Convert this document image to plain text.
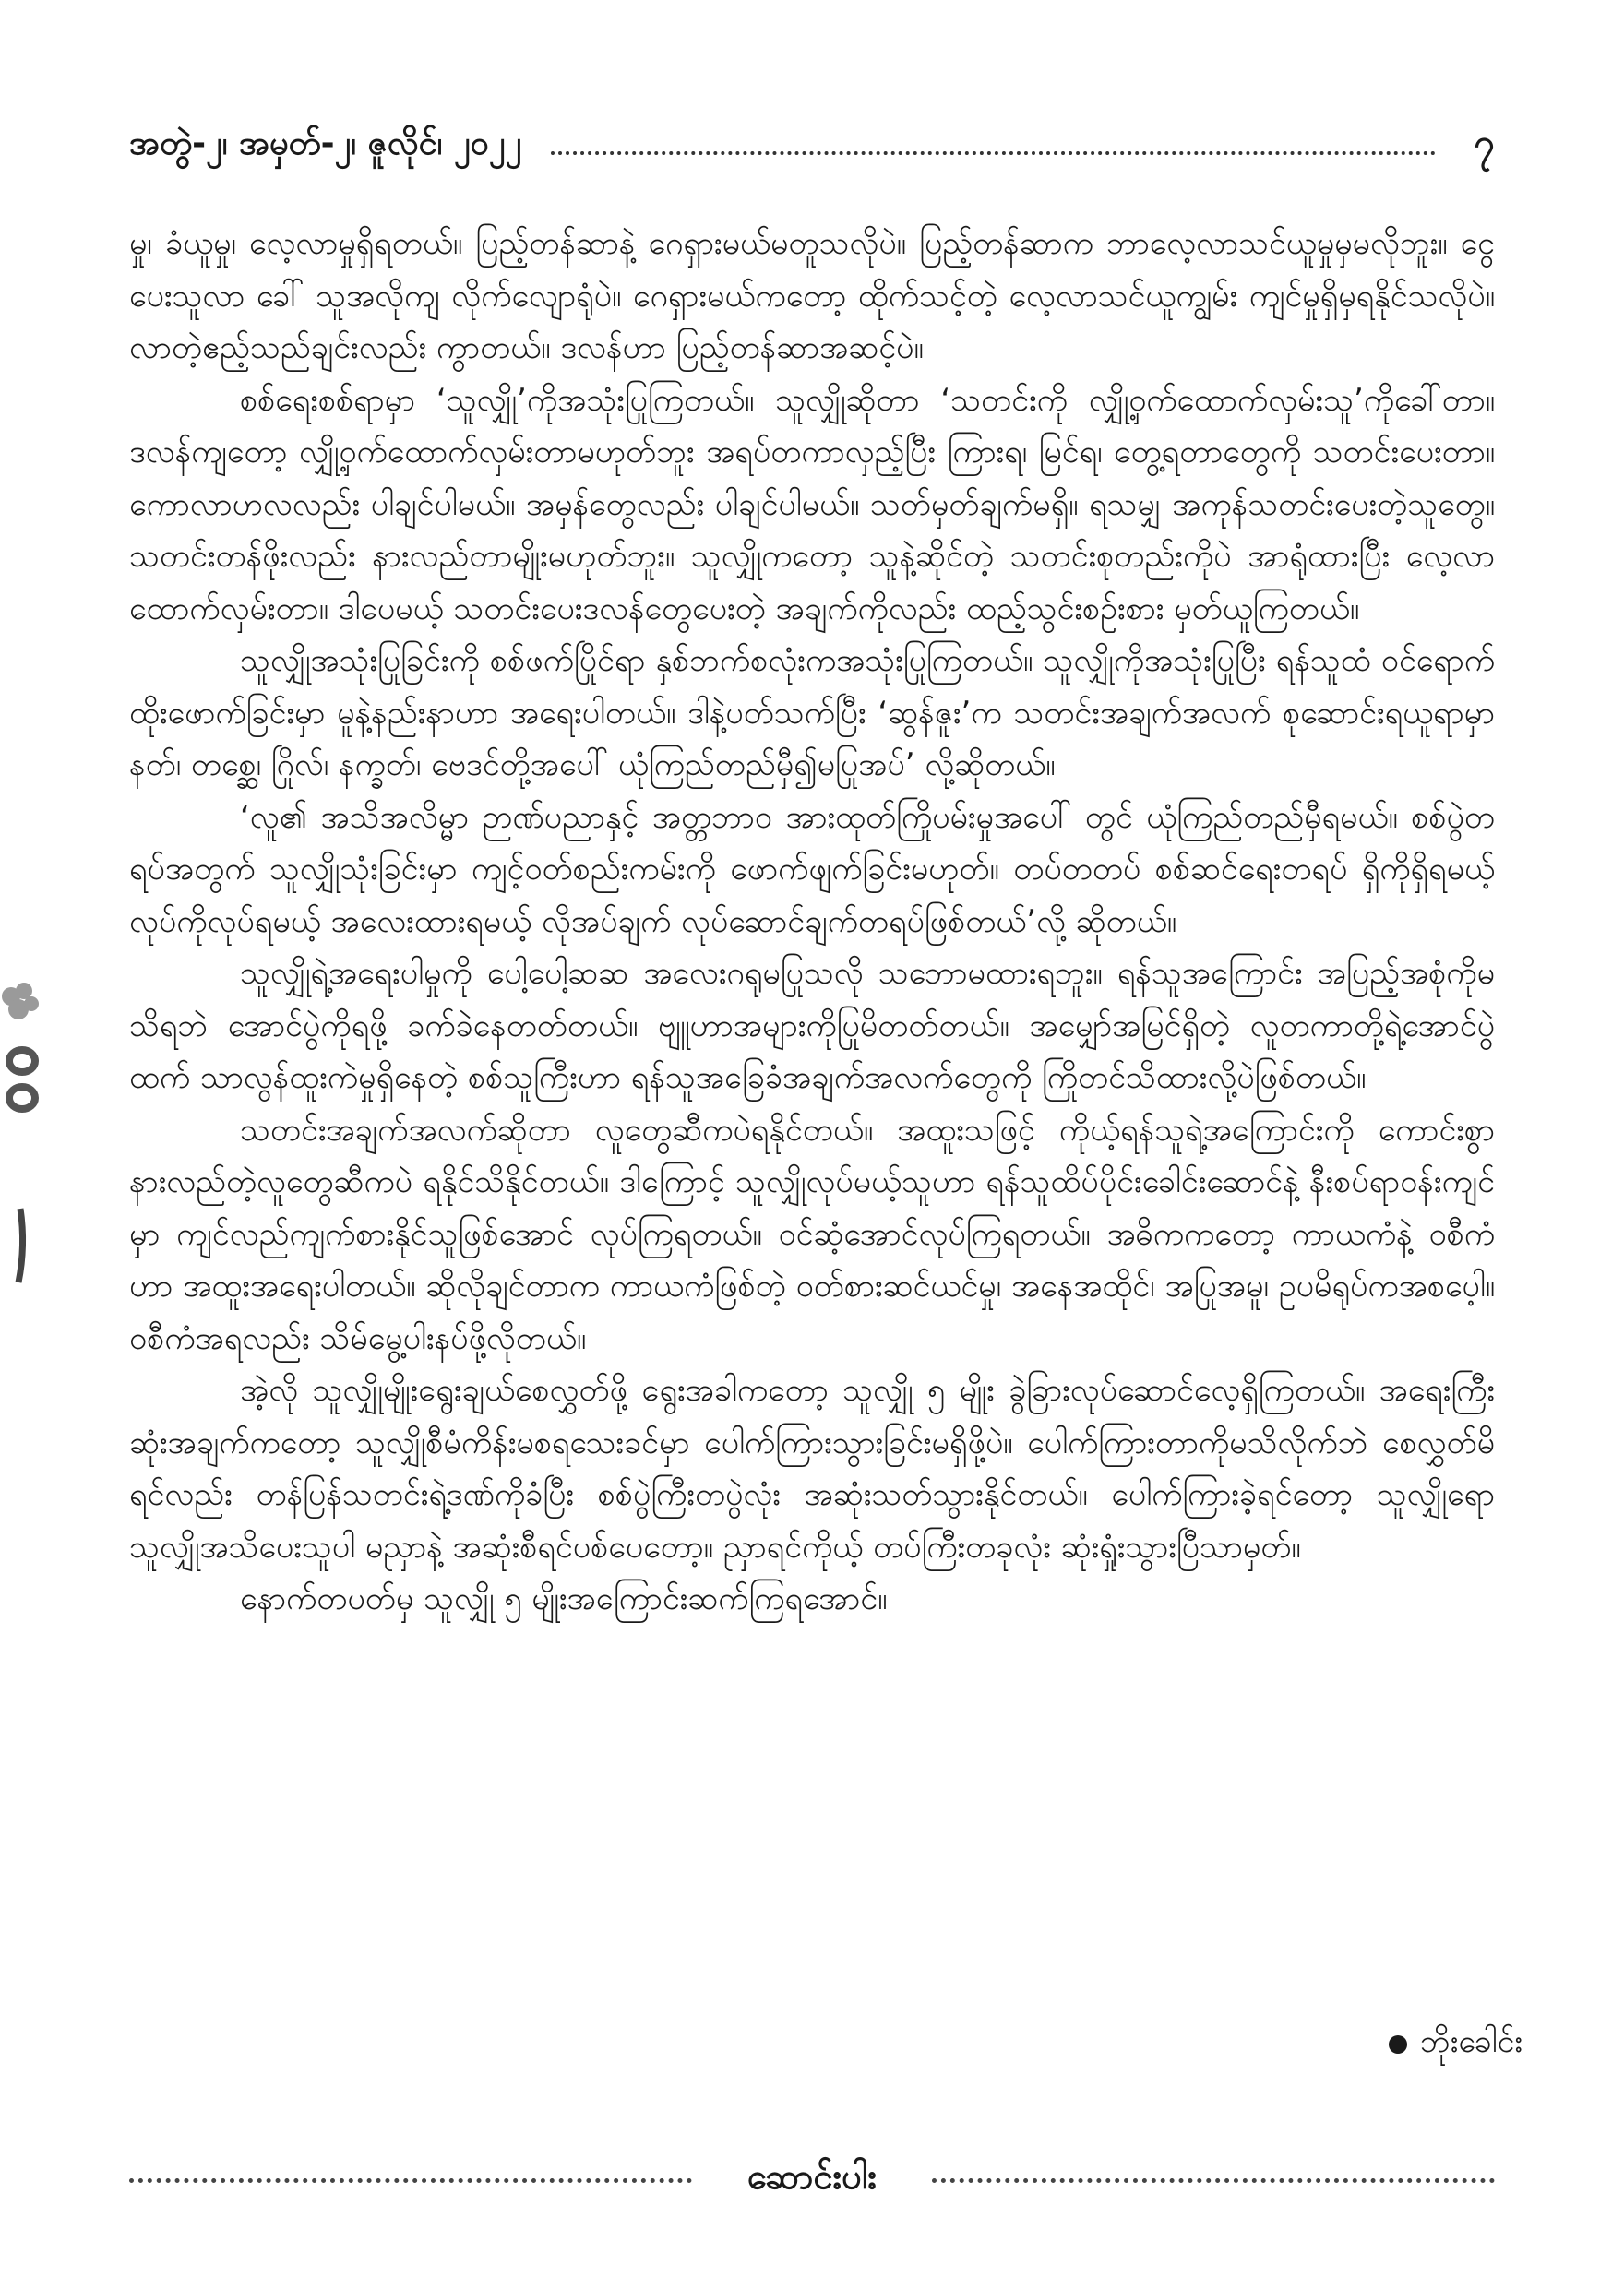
အတွဲ-၂၊ အမှတ်-၂၊ ဇူလိုင်၊ ၂၀၂၂	၇

မှု၊ ခံယူမှု၊ လေ့လာမှုရှိရတယ်။ ပြည့်တန်ဆာနဲ့ ဂေရှားမယ်မတူသလိုပဲ။ ပြည့်တန်ဆာက ဘာလေ့လာသင်ယူမှုမှမလိုဘူး။ ငွေပေးသူလာ ခေါ် သူအလိုကျ လိုက်လျောရုံပဲ။ ဂေရှားမယ်ကတော့ ထိုက်သင့်တဲ့ လေ့လာသင်ယူကျွမ်း ကျင်မှုရှိမှရနိုင်သလိုပဲ။ လာတဲ့ဧည့်သည်ချင်းလည်း ကွာတယ်။ ဒလန်ဟာ ပြည့်တန်ဆာအဆင့်ပဲ။

စစ်ရေးစစ်ရာမှာ ‘သူလျှို’ကိုအသုံးပြုကြတယ်။ သူလျှိုဆိုတာ ‘သတင်းကို လျှို့ဝှက်ထောက်လှမ်းသူ’ကိုခေါ်တာ။ ဒလန်ကျတော့ လျှို့ဝှက်ထောက်လှမ်းတာမဟုတ်ဘူး အရပ်တကာလှည့်ပြီး ကြားရ၊ မြင်ရ၊ တွေ့ရတာတွေကို သတင်းပေးတာ။ ကောလာဟလလည်း ပါချင်ပါမယ်။ အမှန်တွေလည်း ပါချင်ပါမယ်။ သတ်မှတ်ချက်မရှိ။ ရသမျှ အကုန်သတင်းပေးတဲ့သူတွေ။ သတင်းတန်ဖိုးလည်း နားလည်တာမျိုးမဟုတ်ဘူး။ သူလျှိုကတော့ သူနဲ့ဆိုင်တဲ့ သတင်းစုတည်းကိုပဲ အာရုံထားပြီး လေ့လာထောက်လှမ်းတာ။ ဒါပေမယ့် သတင်းပေးဒလန်တွေပေးတဲ့ အချက်ကိုလည်း ထည့်သွင်းစဉ်းစား မှတ်ယူကြတယ်။

သူလျှိုအသုံးပြုခြင်းကို စစ်ဖက်ပြိုင်ရာ နှစ်ဘက်စလုံးကအသုံးပြုကြတယ်။ သူလျှိုကိုအသုံးပြုပြီး ရန်သူထံ ဝင်ရောက်ထိုးဖောက်ခြင်းမှာ မူနဲ့နည်းနာဟာ အရေးပါတယ်။ ဒါနဲ့ပတ်သက်ပြီး ‘ဆွန်ဇူး’က သတင်းအချက်အလက် စုဆောင်းရယူရာမှာ နတ်၊ တစ္ဆေ၊ ဂြိုလ်၊ နက္ခတ်၊ ဗေဒင်တို့အပေါ် ယုံကြည်တည်မှီ၍မပြုအပ်’ လို့ဆိုတယ်။

‘လူ၏ အသိအလိမ္မာ ဉာဏ်ပညာနှင့် အတ္တဘာဝ အားထုတ်ကြိုပမ်းမှုအပေါ် တွင် ယုံကြည်တည်မှီရမယ်။ စစ်ပွဲတရပ်အတွက် သူလျှိုသုံးခြင်းမှာ ကျင့်ဝတ်စည်းကမ်းကို ဖောက်ဖျက်ခြင်းမဟုတ်။ တပ်တတပ် စစ်ဆင်ရေးတရပ် ရှိကိုရှိရမယ့် လုပ်ကိုလုပ်ရမယ့် အလေးထားရမယ့် လိုအပ်ချက် လုပ်ဆောင်ချက်တရပ်ဖြစ်တယ်’လို့ ဆိုတယ်။

သူလျှိုရဲ့အရေးပါမှုကို ပေါ့ပေါ့ဆဆ အလေးဂရုမပြုသလို သဘောမထားရဘူး။ ရန်သူအကြောင်း အပြည့်အစုံကိုမသိရဘဲ အောင်ပွဲကိုရဖို့ ခက်ခဲနေတတ်တယ်။ ဗျူဟာအများကိုပြုမိတတ်တယ်။ အမျှော်အမြင်ရှိတဲ့ လူတကာတို့ရဲ့အောင်ပွဲထက် သာလွန်ထူးကဲမှုရှိနေတဲ့ စစ်သူကြီးဟာ ရန်သူအခြေခံအချက်အလက်တွေကို ကြိုတင်သိထားလို့ပဲဖြစ်တယ်။

သတင်းအချက်အလက်ဆိုတာ လူတွေဆီကပဲရနိုင်တယ်။ အထူးသဖြင့် ကိုယ့်ရန်သူရဲ့အကြောင်းကို ကောင်းစွာနားလည်တဲ့လူတွေဆီကပဲ ရနိုင်သိနိုင်တယ်။ ဒါကြောင့် သူလျှိုလုပ်မယ့်သူဟာ ရန်သူထိပ်ပိုင်းခေါင်းဆောင်နဲ့ နီးစပ်ရာဝန်းကျင်မှာ ကျင်လည်ကျက်စားနိုင်သူဖြစ်အောင် လုပ်ကြရတယ်။ ဝင်ဆံ့အောင်လုပ်ကြရတယ်။ အဓိကကတော့ ကာယကံနဲ့ ဝစီကံဟာ အထူးအရေးပါတယ်။ ဆိုလိုချင်တာက ကာယကံဖြစ်တဲ့ ဝတ်စားဆင်ယင်မှု၊ အနေအထိုင်၊ အပြုအမူ၊ ဥပမိရုပ်ကအစပေ့ါ။ ဝစီကံအရလည်း သိမ်မွေ့ပါးနပ်ဖို့လိုတယ်။

အဲ့လို သူလျှိုမျိုးရွေးချယ်စေလွှတ်ဖို့ ရွေးအခါကတော့ သူလျှို ၅ မျိုး ခွဲခြားလုပ်ဆောင်လေ့ရှိကြတယ်။ အရေးကြီးဆုံးအချက်ကတော့ သူလျှိုစီမံကိန်းမစရသေးခင်မှာ ပေါက်ကြားသွားခြင်းမရှိဖို့ပဲ။ ပေါက်ကြားတာကိုမသိလိုက်ဘဲ စေလွှတ်မိရင်လည်း တန်ပြန်သတင်းရဲ့ဒဏ်ကိုခံပြီး စစ်ပွဲကြီးတပွဲလုံး အဆုံးသတ်သွားနိုင်တယ်။ ပေါက်ကြားခဲ့ရင်တော့ သူလျှိုရော သူလျှိုအသိပေးသူပါ မညှာနဲ့ အဆုံးစီရင်ပစ်ပေတော့။ ညှာရင်ကိုယ့် တပ်ကြီးတခုလုံး ဆုံးရှုံးသွားပြီသာမှတ်။

နောက်တပတ်မှ သူလျှို ၅ မျိုးအကြောင်းဆက်ကြရအောင်။

ဘိုးခေါင်း
ဆောင်းပါး
